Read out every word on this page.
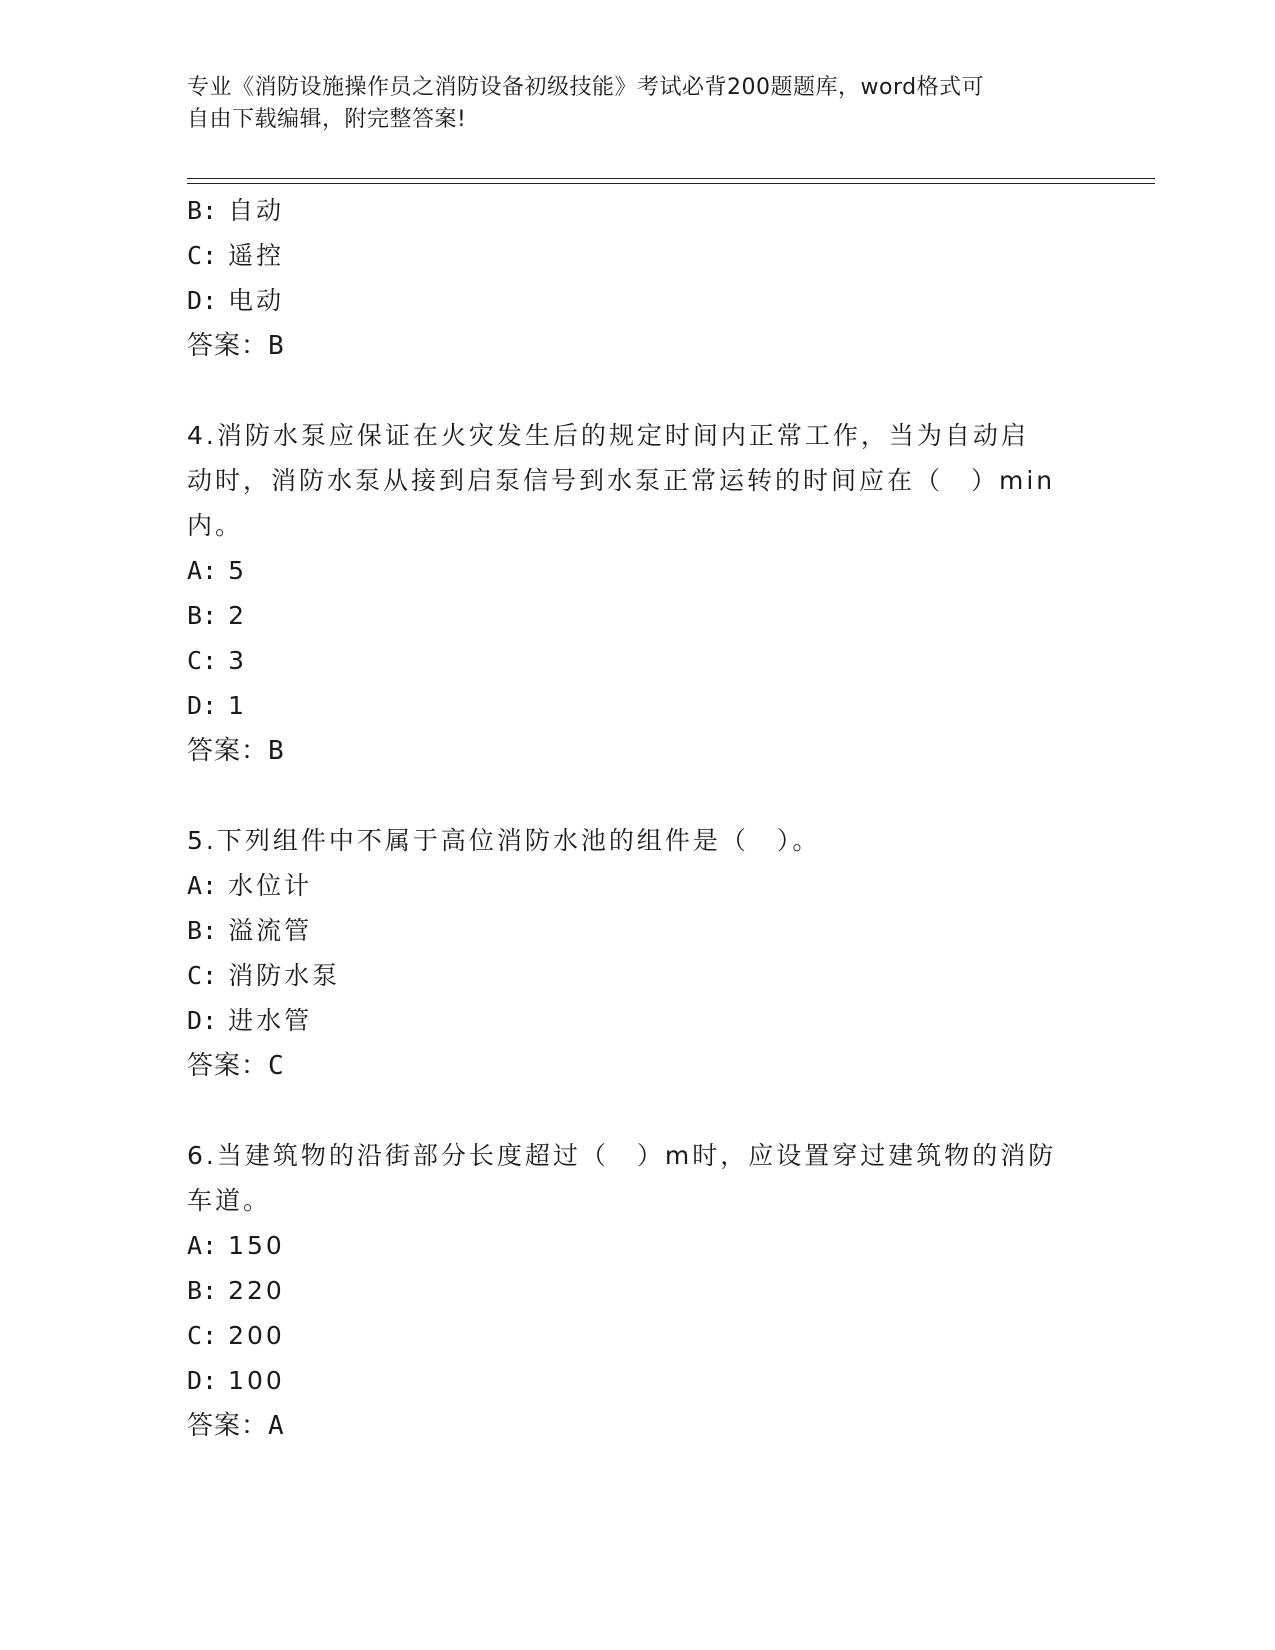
专业《消防设施操作员之消防设备初级技能》考试必背200题题库，word格式可
自由下载编辑，附完整答案!
B: 自动
C: 遥控
D: 电动
答案：B
4.消防水泵应保证在火灾发生后的规定时间内正常工作，当为自动启
动时，消防水泵从接到启泵信号到水泵正常运转的时间应在（　）min
内。
A: 5
B: 2
C: 3
D: 1
答案：B
5.下列组件中不属于高位消防水池的组件是（　）。
A: 水位计
B: 溢流管
C: 消防水泵
D: 进水管
答案：C
6.当建筑物的沿街部分长度超过（　）m时，应设置穿过建筑物的消防
车道。
A: 150
B: 220
C: 200
D: 100
答案：A
